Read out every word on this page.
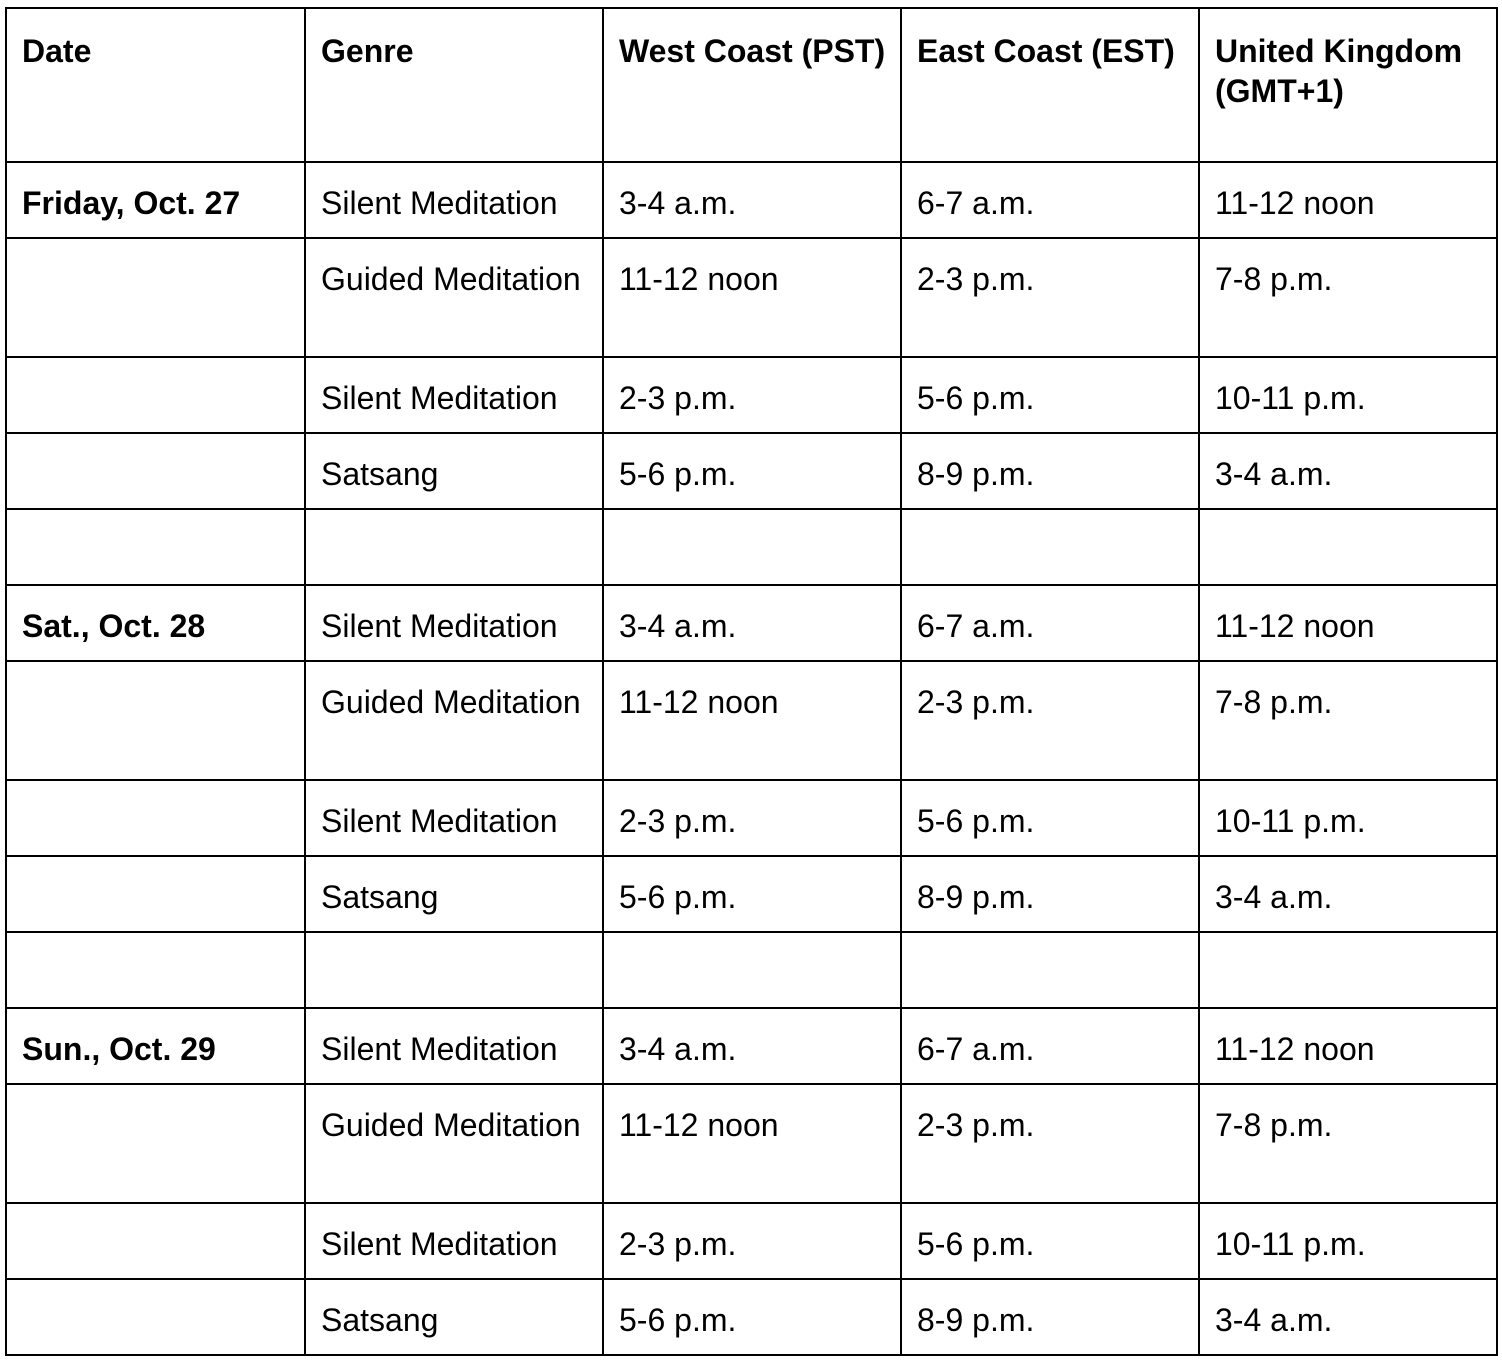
Date	Genre	West Coast (PST)	East Coast (EST)	United Kingdom (GMT+1)
Friday, Oct. 27	Silent Meditation	3-4 a.m.	6-7 a.m.	11-12 noon
	Guided Meditation	11-12 noon	2-3 p.m.	7-8 p.m.
	Silent Meditation	2-3 p.m.	5-6 p.m.	10-11 p.m.
	Satsang	5-6 p.m.	8-9 p.m.	3-4 a.m.

Sat., Oct. 28	Silent Meditation	3-4 a.m.	6-7 a.m.	11-12 noon
	Guided Meditation	11-12 noon	2-3 p.m.	7-8 p.m.
	Silent Meditation	2-3 p.m.	5-6 p.m.	10-11 p.m.
	Satsang	5-6 p.m.	8-9 p.m.	3-4 a.m.

Sun., Oct. 29	Silent Meditation	3-4 a.m.	6-7 a.m.	11-12 noon
	Guided Meditation	11-12 noon	2-3 p.m.	7-8 p.m.
	Silent Meditation	2-3 p.m.	5-6 p.m.	10-11 p.m.
	Satsang	5-6 p.m.	8-9 p.m.	3-4 a.m.
